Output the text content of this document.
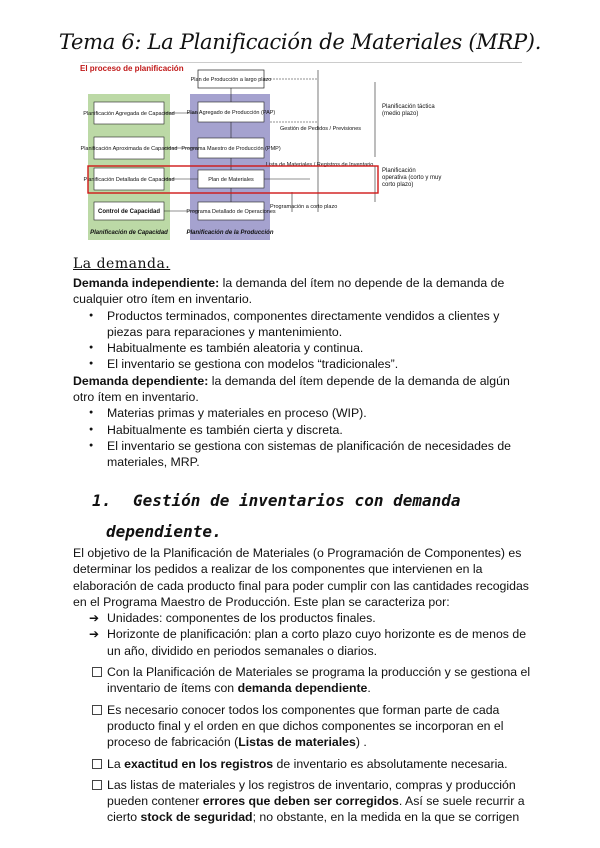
Tema 6: La Planificación de Materiales (MRP).
Plan de Producción a largo plazo
Planificación Agregada de Capacidad
Planificación Aproximada de Capacidad
Planificación Detallada de Capacidad
Control de Capacidad
Planificación de Capacidad
Plan Agregado de Producción (PAP)
Programa Maestro de Producción (PMP)
Plan de Materiales
Programa Detallado de Operaciones
Planificación de la Producción
Gestión de Pedidos / Previsiones
Lista de Materiales / Registros de Inventario
Programación a corto plazo
El proceso de planificación
Planificación táctica (medio plazo)
Planificación operativa (corto y muy corto plazo)
La demanda.

Demanda independiente: la demanda del ítem no depende de la demanda de cualquier otro ítem en inventario.

● Productos terminados, componentes directamente vendidos a clientes y piezas para reparaciones y mantenimiento.
● Habitualmente es también aleatoria y continua.
● El inventario se gestiona con modelos “tradicionales”.

Demanda dependiente: la demanda del ítem depende de la demanda de algún otro ítem en inventario.

● Materias primas y materiales en proceso (WIP).
● Habitualmente es también cierta y discreta.
● El inventario se gestiona con sistemas de planificación de necesidades de materiales, MRP.
1. Gestión de inventarios con demanda
dependiente.

El objetivo de la Planificación de Materiales (o Programación de Componentes) es determinar los pedidos a realizar de los componentes que intervienen en la elaboración de cada producto final para poder cumplir con las cantidades recogidas en el Programa Maestro de Producción. Este plan se caracteriza por:

➔ Unidades: componentes de los productos finales.
➔ Horizonte de planificación: plan a corto plazo cuyo horizonte es de menos de un año, dividido en periodos semanales o diarios.
Con la Planificación de Materiales se programa la producción y se gestiona el inventario de ítems con demanda dependiente.
Es necesario conocer todos los componentes que forman parte de cada producto final y el orden en que dichos componentes se incorporan en el proceso de fabricación (Listas de materiales) .
La exactitud en los registros de inventario es absolutamente necesaria.
Las listas de materiales y los registros de inventario, compras y producción pueden contener errores que deben ser corregidos. Así se suele recurrir a cierto stock de seguridad; no obstante, en la medida en la que se corrigen
